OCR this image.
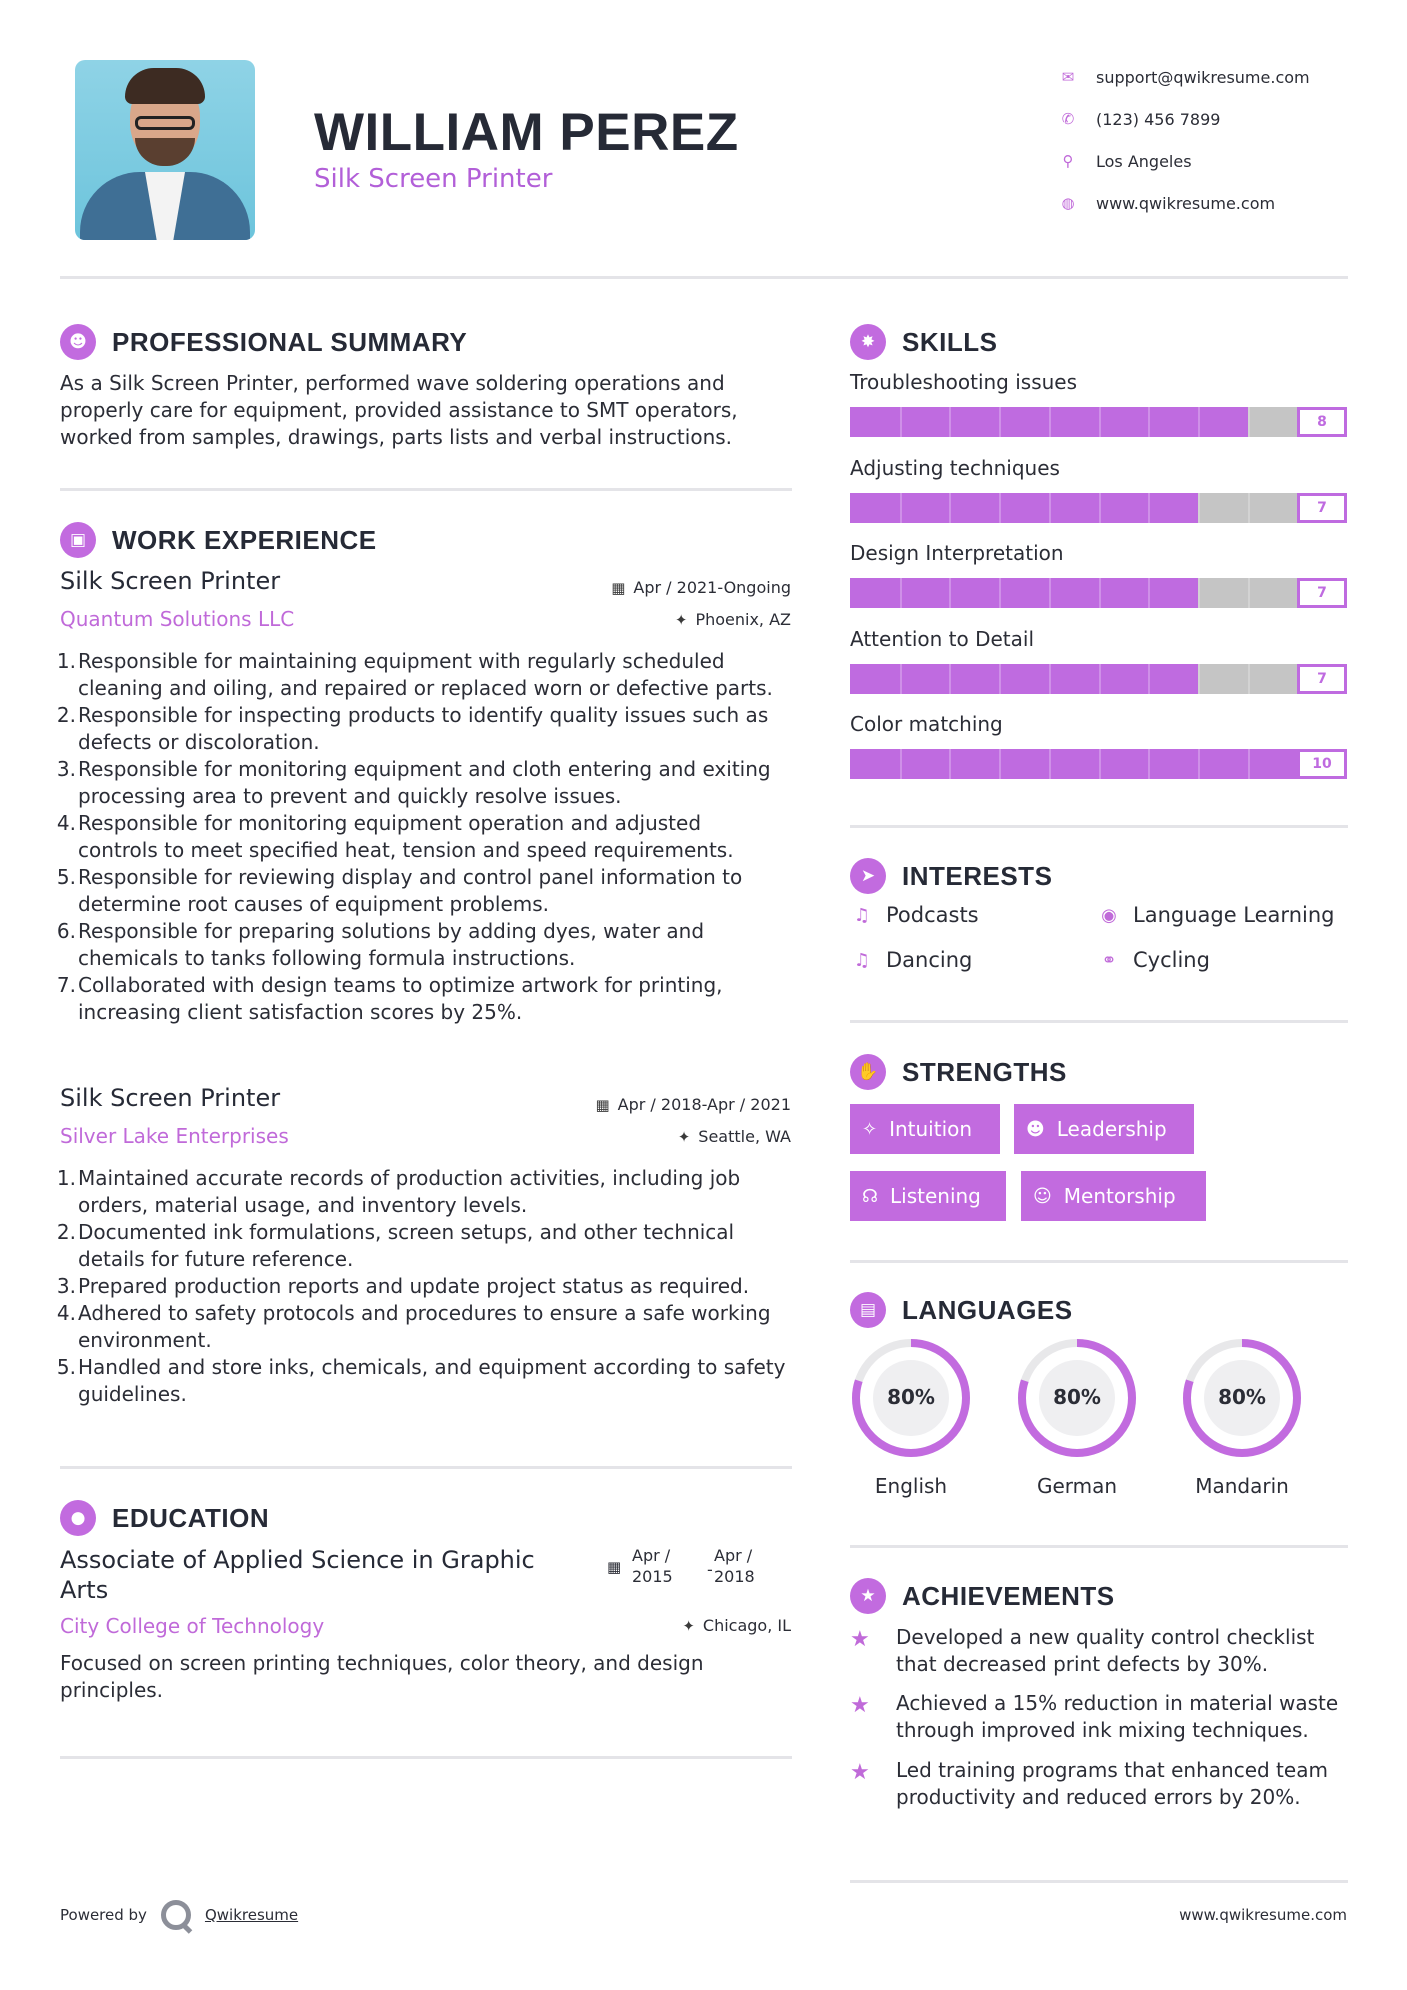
WILLIAM PEREZ
Silk Screen Printer
✉	support@qwikresume.com
✆	(123) 456 7899
⚲	Los Angeles
◍	www.qwikresume.com
☻ PROFESSIONAL SUMMARY
As a Silk Screen Printer, performed wave soldering operations and properly care for equipment, provided assistance to SMT operators, worked from samples, drawings, parts lists and verbal instructions.
▣ WORK EXPERIENCE
Silk Screen Printer	▦ Apr / 2021-Ongoing
Quantum Solutions LLC	✦ Phoenix, AZ
1. Responsible for maintaining equipment with regularly scheduled cleaning and oiling, and repaired or replaced worn or defective parts.
2. Responsible for inspecting products to identify quality issues such as defects or discoloration.
3. Responsible for monitoring equipment and cloth entering and exiting processing area to prevent and quickly resolve issues.
4. Responsible for monitoring equipment operation and adjusted controls to meet specified heat, tension and speed requirements.
5. Responsible for reviewing display and control panel information to determine root causes of equipment problems.
6. Responsible for preparing solutions by adding dyes, water and chemicals to tanks following formula instructions.
7. Collaborated with design teams to optimize artwork for printing, increasing client satisfaction scores by 25%.
Silk Screen Printer	▦ Apr / 2018-Apr / 2021
Silver Lake Enterprises	✦ Seattle, WA
1. Maintained accurate records of production activities, including job orders, material usage, and inventory levels.
2. Documented ink formulations, screen setups, and other technical details for future reference.
3. Prepared production reports and update project status as required.
4. Adhered to safety protocols and procedures to ensure a safe working environment.
5. Handled and store inks, chemicals, and equipment according to safety guidelines.
●	EDUCATION
Associate of Applied Science in Graphic Arts
▦
Apr /
2015 -
Apr /
2018
City College of Technology	✦ Chicago, IL
Focused on screen printing techniques, color theory, and design principles.
✸	SKILLS
Troubleshooting issues
8
Adjusting techniques
7
Design Interpretation
7
Attention to Detail
7
Color matching
10
➤	INTERESTS
♫ Podcasts	◉ Language Learning
♫ Dancing	⚭ Cycling
✋ STRENGTHS
✧ Intuition	☻ Leadership
☊ Listening	☺ Mentorship
▤ LANGUAGES
80%
English
80%
German
80%
Mandarin
★	ACHIEVEMENTS
★ Developed a new quality control checklist that decreased print defects by 30%.
★ Achieved a 15% reduction in material waste through improved ink mixing techniques.
★ Led training programs that enhanced team productivity and reduced errors by 20%.
Powered by	Qwikresume	www.qwikresume.com
